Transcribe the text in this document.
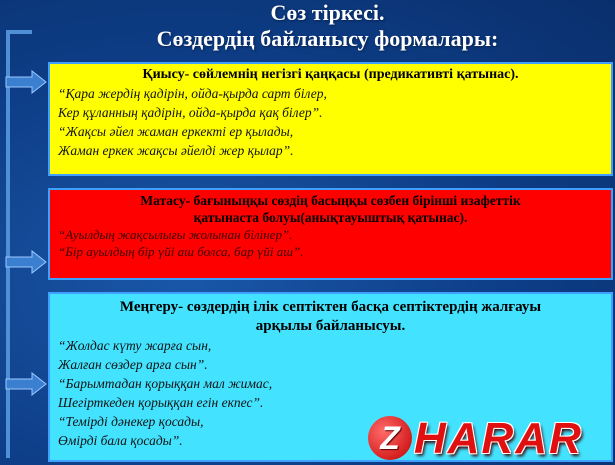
Сөз тіркесі.
Сөздердің байланысу формалары:
Қиысу- сөйлемнің негізгі қаңқасы (предикативті қатынас).
“Қара жердің қадірін, ойда-қырда сарт білер,
Кер құланның қадірін, ойда-қырда қақ білер”.
“Жақсы әйел жаман еркекті ер қылады,
Жаман еркек жақсы әйелді жер қылар”.
Матасу- бағыныңқы сөздің басыңқы сөзбен бірінші изафеттік
қатынаста болуы(анықтауыштық қатынас).
“Ауылдың жақсылығы жолынан білінер”.
“Бір ауылдың бір үйі аш болса, бар үйі аш”.
Меңгеру- сөздердің ілік септіктен басқа септіктердің жалғауы
арқылы байланысуы.
“Жолдас күту жарға сын,
Жалған сөздер арға сын”.
“Барымтадан қорыққан мал жимас,
Шегірткеден қорыққан егін екпес”.
“Темірді дәнекер қосады,
Өмірді бала қосады”.	Z HARAR
